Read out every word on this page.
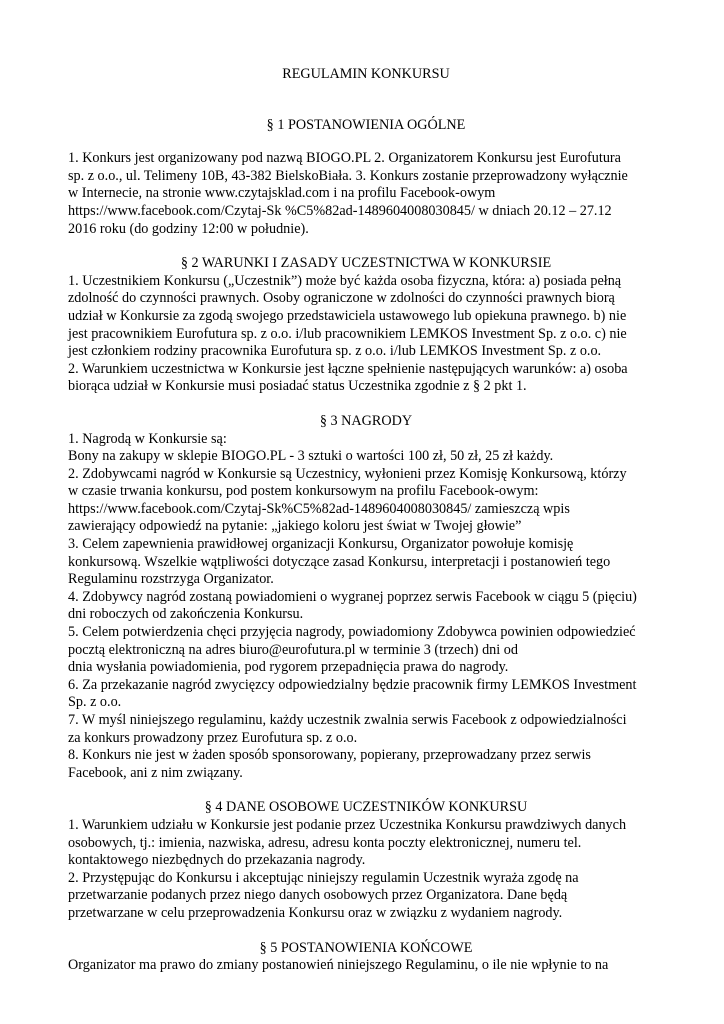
REGULAMIN KONKURSU
§ 1 POSTANOWIENIA OGÓLNE
1. Konkurs jest organizowany pod nazwą BIOGO.PL 2. Organizatorem Konkursu jest Eurofutura
sp. z o.o., ul. Telimeny 10B, 43-382 BielskoBiała. 3. Konkurs zostanie przeprowadzony wyłącznie
w Internecie, na stronie www.czytajsklad.com i na profilu Facebook-owym
https://www.facebook.com/Czytaj-Sk %C5%82ad-1489604008030845/ w dniach 20.12 – 27.12
2016 roku (do godziny 12:00 w południe).
§ 2 WARUNKI I ZASADY UCZESTNICTWA W KONKURSIE
1. Uczestnikiem Konkursu („Uczestnik”) może być każda osoba fizyczna, która: a) posiada pełną
zdolność do czynności prawnych. Osoby ograniczone w zdolności do czynności prawnych biorą
udział w Konkursie za zgodą swojego przedstawiciela ustawowego lub opiekuna prawnego. b) nie
jest pracownikiem Eurofutura sp. z o.o. i/lub pracownikiem LEMKOS Investment Sp. z o.o. c) nie
jest członkiem rodziny pracownika Eurofutura sp. z o.o. i/lub LEMKOS Investment Sp. z o.o.
2. Warunkiem uczestnictwa w Konkursie jest łączne spełnienie następujących warunków: a) osoba
biorąca udział w Konkursie musi posiadać status Uczestnika zgodnie z § 2 pkt 1.
§ 3 NAGRODY
1. Nagrodą w Konkursie są:
Bony na zakupy w sklepie BIOGO.PL - 3 sztuki o wartości 100 zł, 50 zł, 25 zł każdy.
2. Zdobywcami nagród w Konkursie są Uczestnicy, wyłonieni przez Komisję Konkursową, którzy
w czasie trwania konkursu, pod postem konkursowym na profilu Facebook-owym:
https://www.facebook.com/Czytaj-Sk%C5%82ad-1489604008030845/ zamieszczą wpis
zawierający odpowiedź na pytanie: „jakiego koloru jest świat w Twojej głowie”
3. Celem zapewnienia prawidłowej organizacji Konkursu, Organizator powołuje komisję
konkursową. Wszelkie wątpliwości dotyczące zasad Konkursu, interpretacji i postanowień tego
Regulaminu rozstrzyga Organizator.
4. Zdobywcy nagród zostaną powiadomieni o wygranej poprzez serwis Facebook w ciągu 5 (pięciu)
dni roboczych od zakończenia Konkursu.
5. Celem potwierdzenia chęci przyjęcia nagrody, powiadomiony Zdobywca powinien odpowiedzieć
pocztą elektroniczną na adres biuro@eurofutura.pl w terminie 3 (trzech) dni od
dnia wysłania powiadomienia, pod rygorem przepadnięcia prawa do nagrody.
6. Za przekazanie nagród zwycięzcy odpowiedzialny będzie pracownik firmy LEMKOS Investment
Sp. z o.o.
7. W myśl niniejszego regulaminu, każdy uczestnik zwalnia serwis Facebook z odpowiedzialności
za konkurs prowadzony przez Eurofutura sp. z o.o.
8. Konkurs nie jest w żaden sposób sponsorowany, popierany, przeprowadzany przez serwis
Facebook, ani z nim związany.
§ 4 DANE OSOBOWE UCZESTNIKÓW KONKURSU
1. Warunkiem udziału w Konkursie jest podanie przez Uczestnika Konkursu prawdziwych danych
osobowych, tj.: imienia, nazwiska, adresu, adresu konta poczty elektronicznej, numeru tel.
kontaktowego niezbędnych do przekazania nagrody.
2. Przystępując do Konkursu i akceptując niniejszy regulamin Uczestnik wyraża zgodę na
przetwarzanie podanych przez niego danych osobowych przez Organizatora. Dane będą
przetwarzane w celu przeprowadzenia Konkursu oraz w związku z wydaniem nagrody.
§ 5 POSTANOWIENIA KOŃCOWE
Organizator ma prawo do zmiany postanowień niniejszego Regulaminu, o ile nie wpłynie to na
